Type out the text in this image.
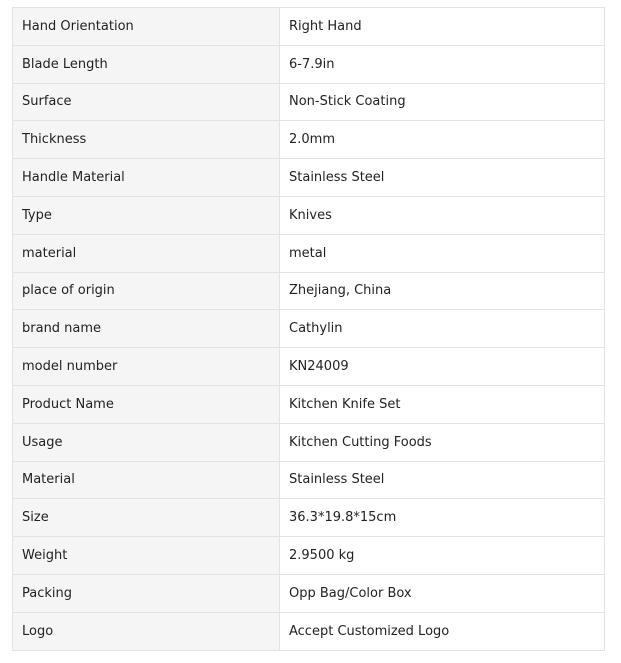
Hand Orientation	Right Hand
Blade Length	6-7.9in
Surface	Non-Stick Coating
Thickness	2.0mm
Handle Material	Stainless Steel
Type	Knives
material	metal
place of origin	Zhejiang, China
brand name	Cathylin
model number	KN24009
Product Name	Kitchen Knife Set
Usage	Kitchen Cutting Foods
Material	Stainless Steel
Size	36.3*19.8*15cm
Weight	2.9500 kg
Packing	Opp Bag/Color Box
Logo	Accept Customized Logo
